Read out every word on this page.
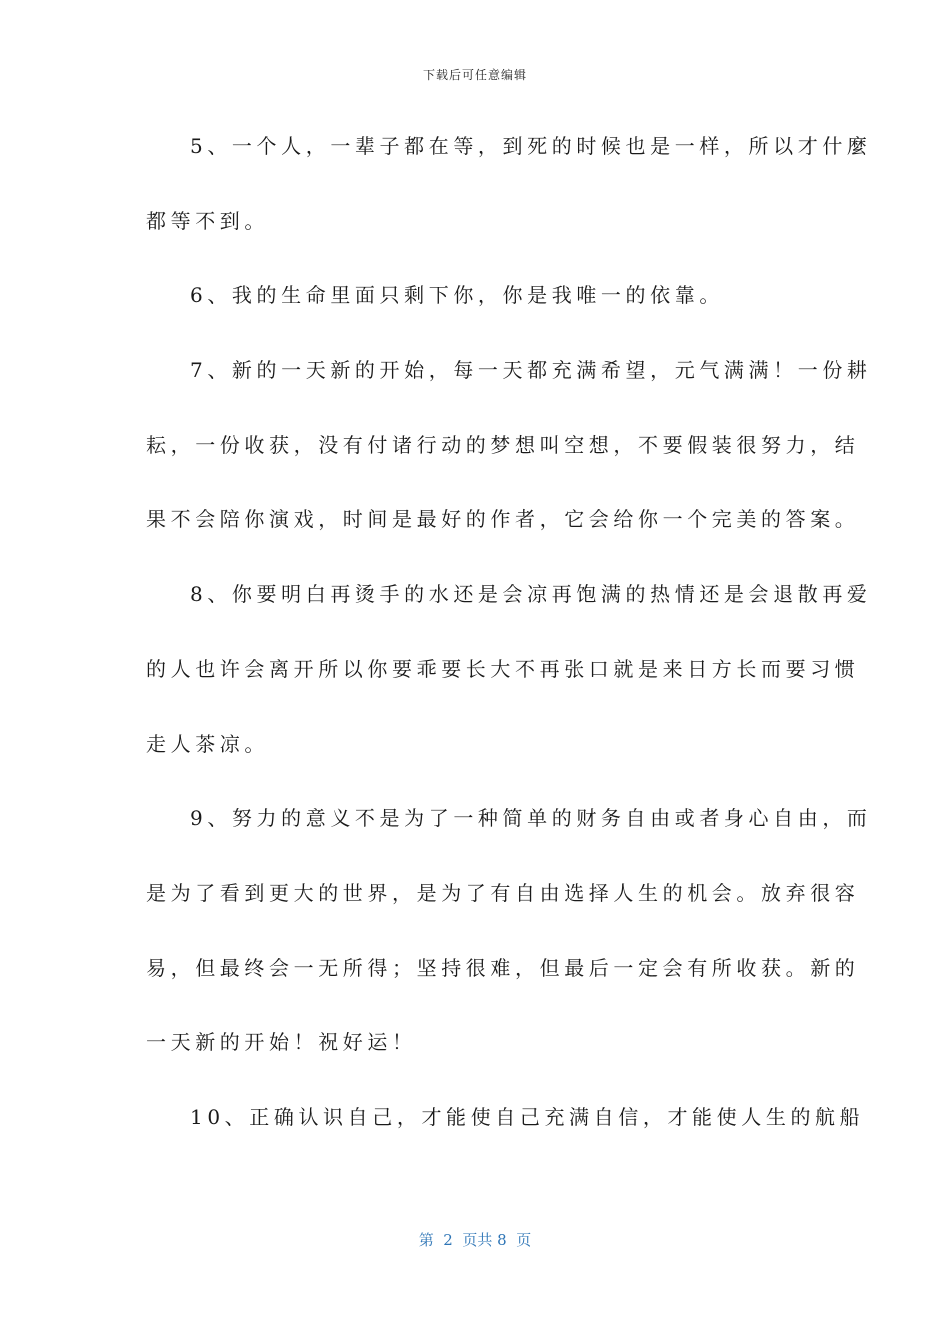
下载后可任意编辑
5、一个人，一辈子都在等，到死的时候也是一样，所以才什麼
都等不到。
6、我的生命里面只剩下你，你是我唯一的依靠。
7、新的一天新的开始，每一天都充满希望，元气满满！一份耕
耘，一份收获，没有付诸行动的梦想叫空想，不要假装很努力，结
果不会陪你演戏，时间是最好的作者，它会给你一个完美的答案。
8、你要明白再烫手的水还是会凉再饱满的热情还是会退散再爱
的人也许会离开所以你要乖要长大不再张口就是来日方长而要习惯
走人茶凉。
9、努力的意义不是为了一种简单的财务自由或者身心自由，而
是为了看到更大的世界，是为了有自由选择人生的机会。放弃很容
易，但最终会一无所得；坚持很难，但最后一定会有所收获。新的
一天新的开始！祝好运！
10、正确认识自己，才能使自己充满自信，才能使人生的航船
第  2  页共 8  页
